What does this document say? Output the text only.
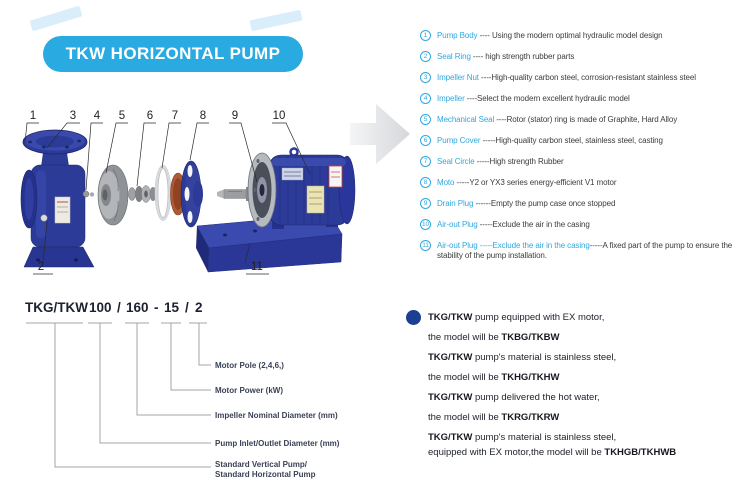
TKW HORIZONTAL PUMP
1
2
3 4 5 6 7 8 9	10
11
1	Pump Body ---- Using the modern optimal hydraulic model design
2	Seal Ring ---- high strength rubber parts
3	Impeller Nut ----High-quality carbon steel, corrosion-resistant stainless steel
4	Impeller ----Select the modern excellent hydraulic model
5	Mechanical Seal ----Rotor (stator) ring is made of Graphite, Hard Alloy
6	Pump Cover -----High-quality carbon steel, stainless steel, casting
7	Seal Circle -----High strength Rubber
8	Moto -----Y2 or YX3 series energy-efficient V1 motor
9	Drain Plug ------Empty the pump case once stopped
10 Air-out Plug -----Exclude the air in the casing
11 Air-out Plug -----Exclude the air in the casing-----A fixed part of the pump to ensure the stability of the pump installation.
TKG/TKW 100 / 160 - 15 / 2
Motor Pole (2,4,6,)
Motor Power (kW)
Impeller Nominal Diameter (mm)
Pump Inlet/Outlet Diameter (mm)
Standard Vertical Pump/
Standard Horizontal Pump
TKG/TKW pump equipped with EX motor,
the model will be TKBG/TKBW
TKG/TKW pump's material is stainless steel,
the model will be TKHG/TKHW
TKG/TKW pump delivered the hot water,
the model will be TKRG/TKRW
TKG/TKW pump's material is stainless steel,
equipped with EX motor,the model will be TKHGB/TKHWB
